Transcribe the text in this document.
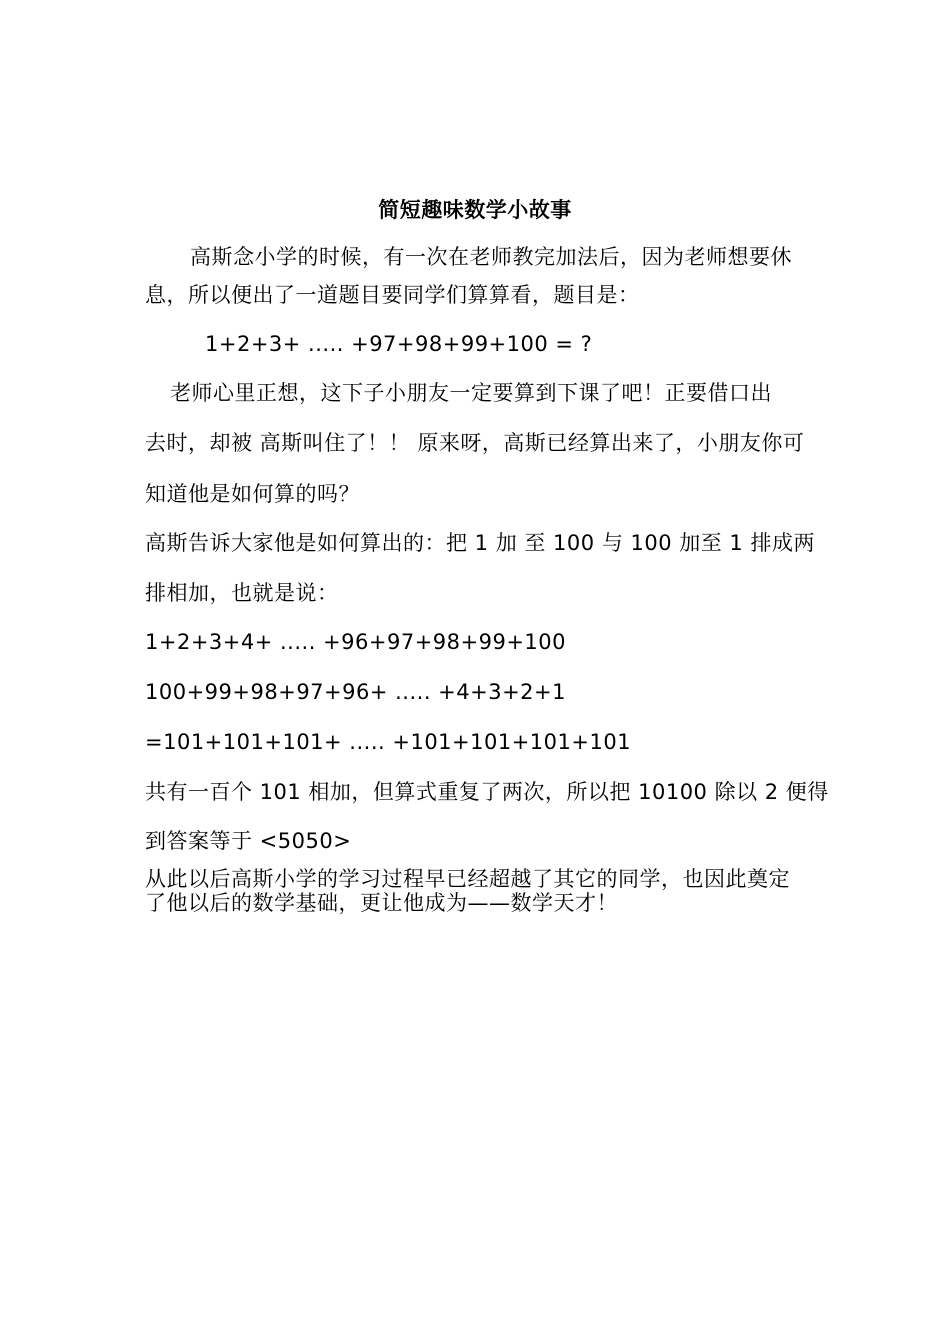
简短趣味数学小故事
高斯念小学的时候，有一次在老师教完加法后，因为老师想要休
息，所以便出了一道题目要同学们算算看，题目是：
1+2+3+ ..... +97+98+99+100 = ?
老师心里正想，这下子小朋友一定要算到下课了吧！正要借口出
去时，却被 高斯叫住了！！ 原来呀，高斯已经算出来了，小朋友你可
知道他是如何算的吗？
高斯告诉大家他是如何算出的：把 1 加 至 100 与 100 加至 1 排成两
排相加，也就是说：
1+2+3+4+ ..... +96+97+98+99+100
100+99+98+97+96+ ..... +4+3+2+1
=101+101+101+ ..... +101+101+101+101
共有一百个 101 相加，但算式重复了两次，所以把 10100 除以 2 便得
到答案等于 <5050>
从此以后高斯小学的学习过程早已经超越了其它的同学，也因此奠定
了他以后的数学基础，更让他成为——数学天才！
